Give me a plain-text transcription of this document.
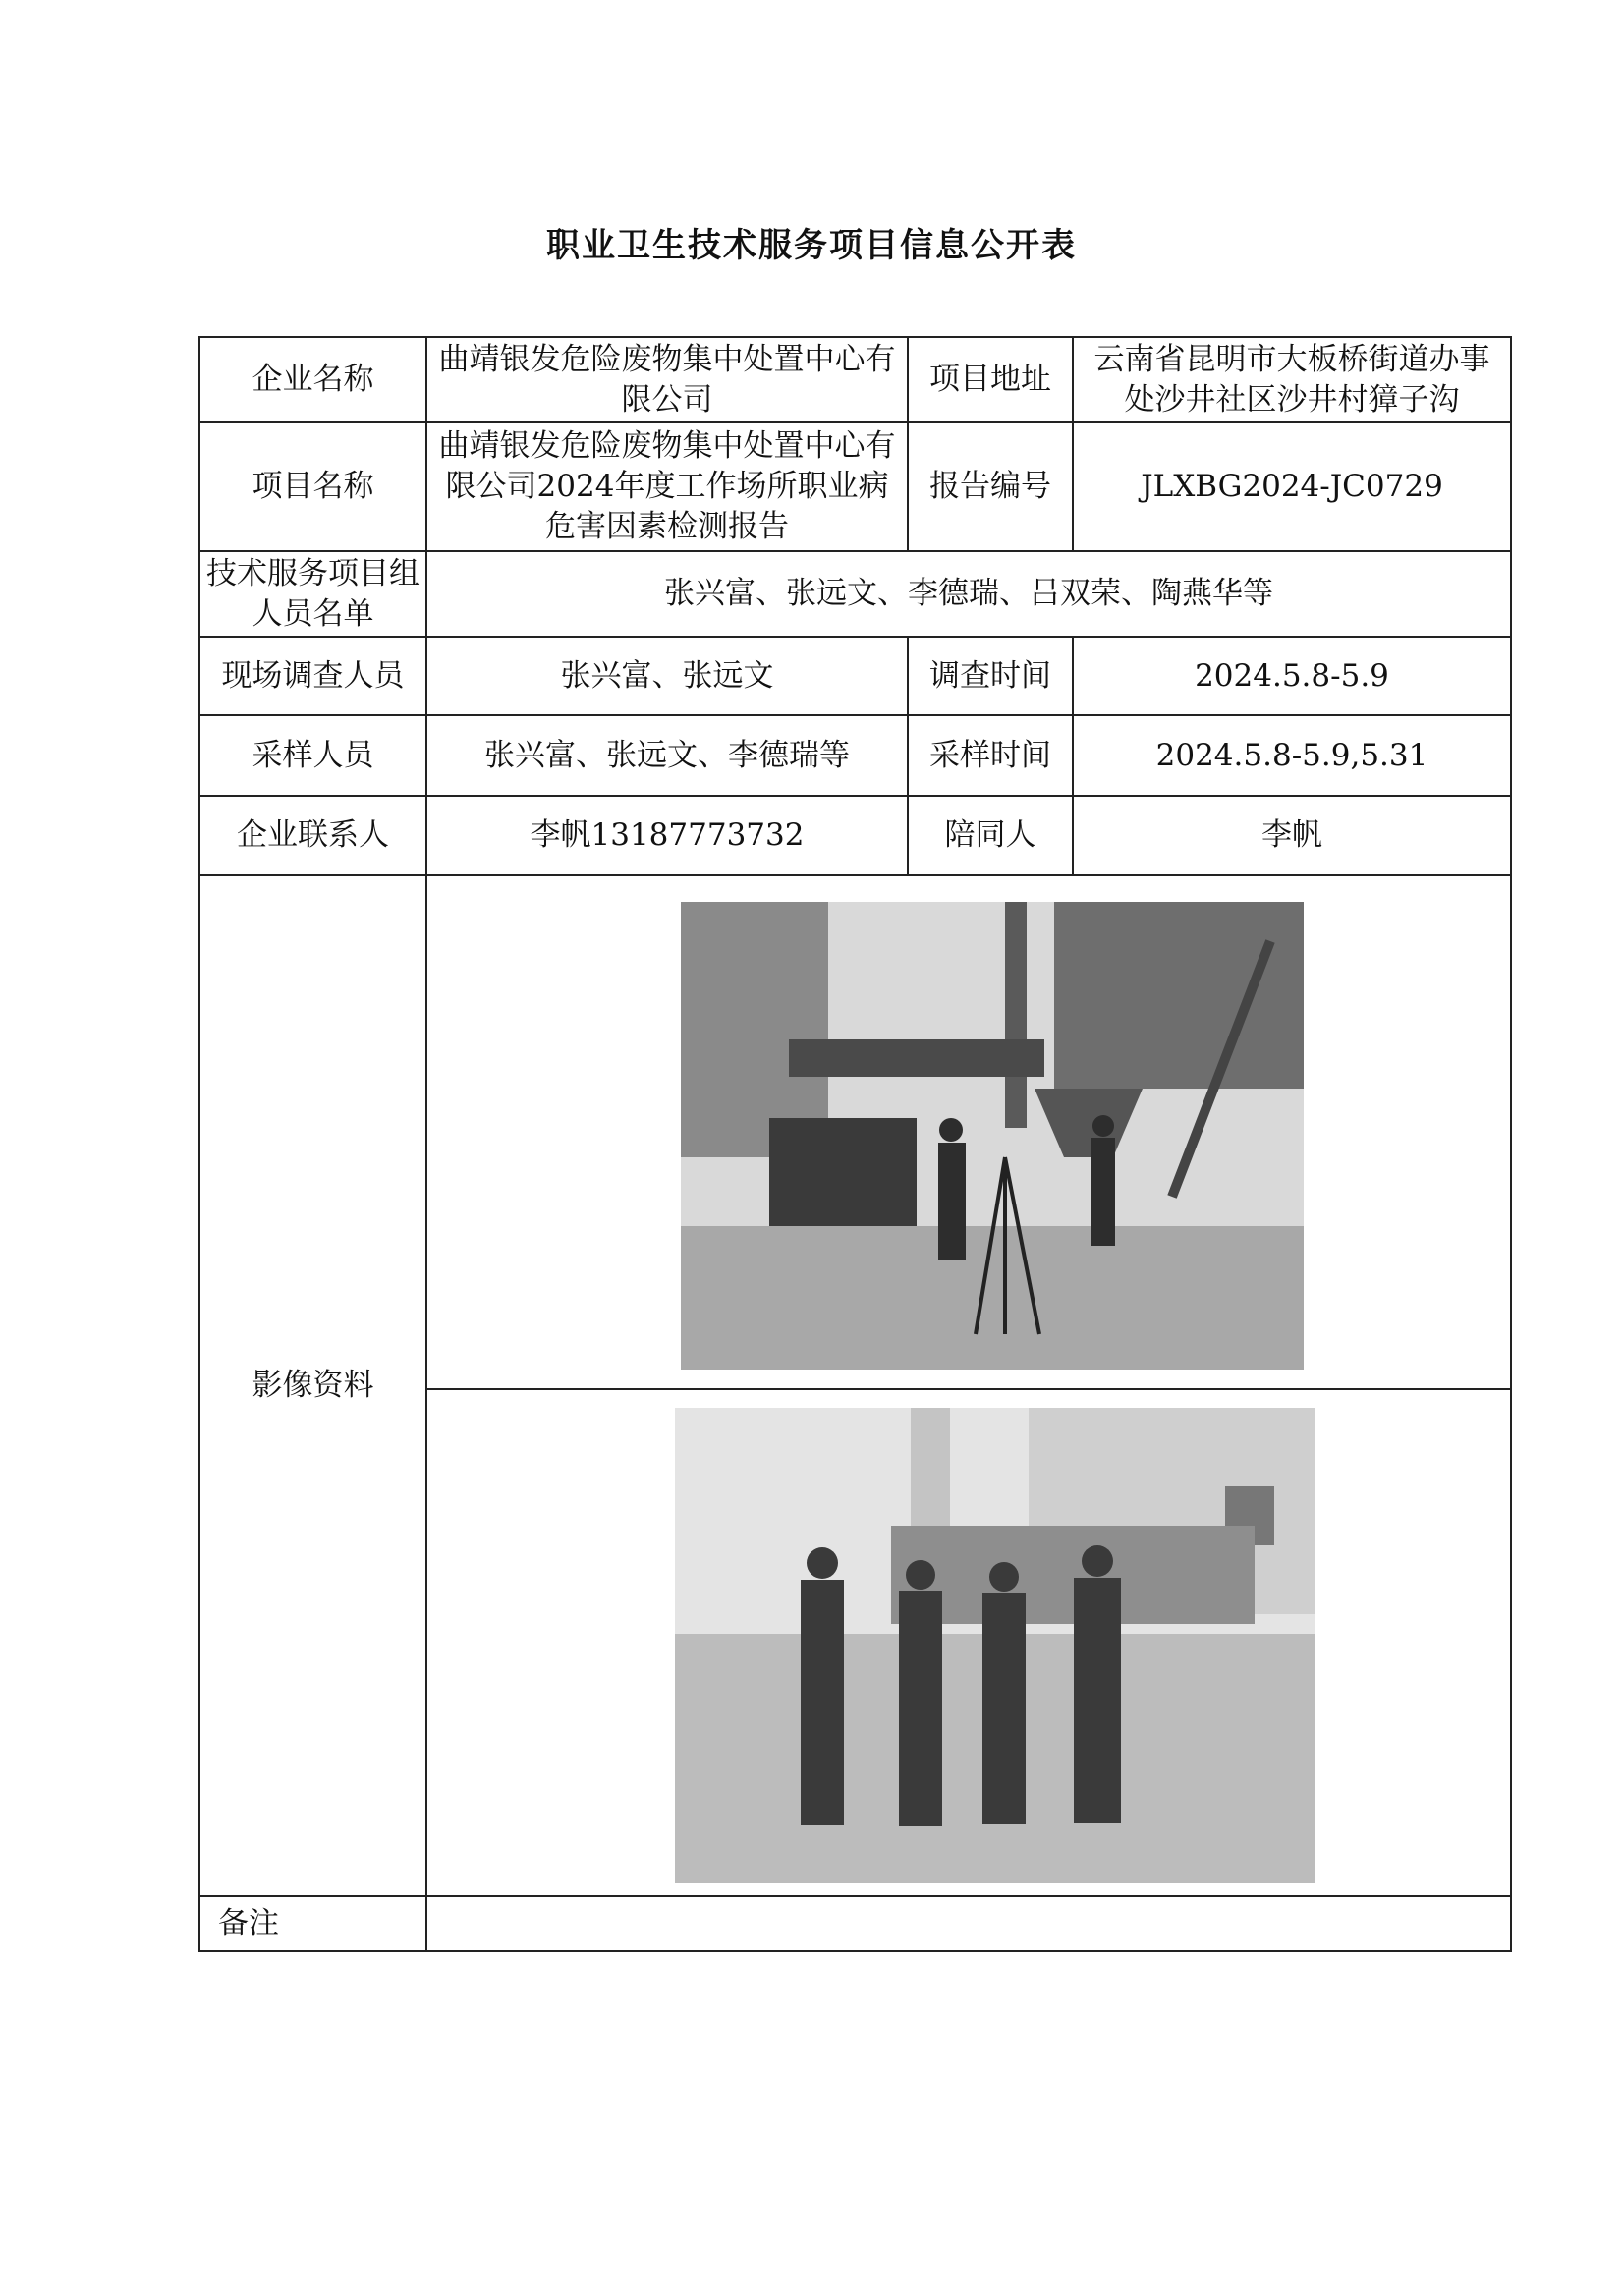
职业卫生技术服务项目信息公开表
企业名称	曲靖银发危险废物集中处置中心有限公司	项目地址	云南省昆明市大板桥街道办事处沙井社区沙井村獐子沟
项目名称	曲靖银发危险废物集中处置中心有限公司2024年度工作场所职业病危害因素检测报告	报告编号	JLXBG2024-JC0729
技术服务项目组人员名单	张兴富、张远文、李德瑞、吕双荣、陶燕华等		
现场调查人员	张兴富、张远文	调查时间	2024.5.8-5.9
采样人员	张兴富、张远文、李德瑞等	采样时间	2024.5.8-5.9,5.31
企业联系人	李帆13187773732	陪同人	李帆
影像资料	

备注			
